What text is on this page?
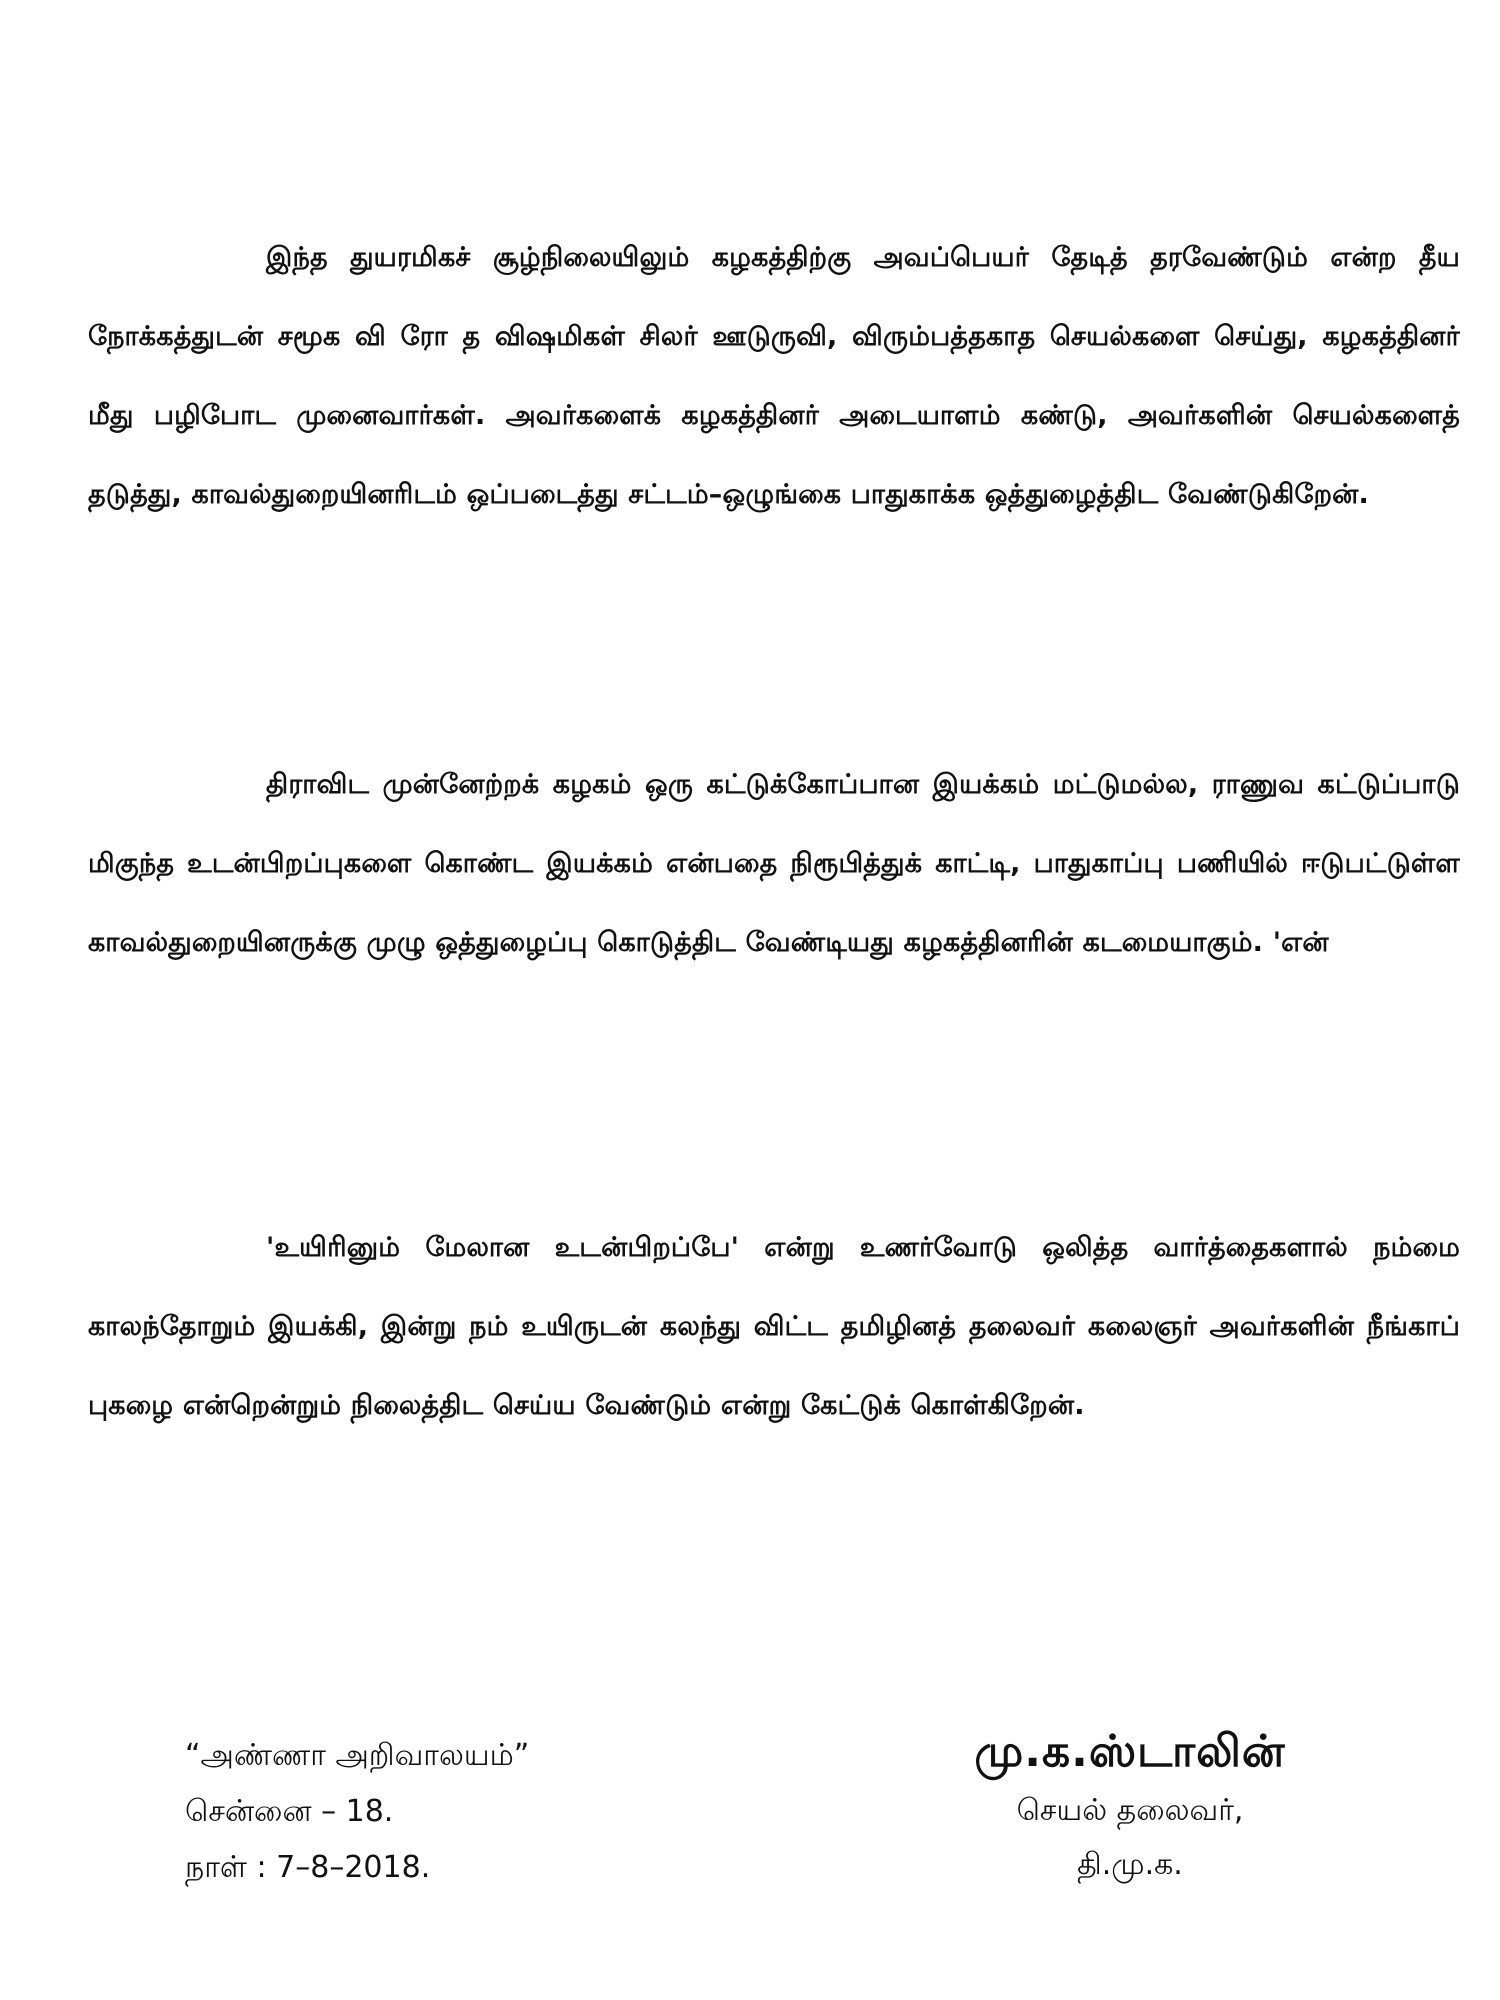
இந்த துயரமிகச் சூழ்நிலையிலும் கழகத்திற்கு அவப்பெயர் தேடித் தரவேண்டும் என்ற தீய நோக்கத்துடன் சமூக வி ரோ த விஷமிகள் சிலர் ஊடுருவி, விரும்பத்தகாத செயல்களை செய்து, கழகத்தினர் மீது பழிபோட முனைவார்கள். அவர்களைக் கழகத்தினர் அடையாளம் கண்டு, அவர்களின் செயல்களைத் தடுத்து, காவல்துறையினரிடம் ஒப்படைத்து சட்டம்–ஒழுங்கை பாதுகாக்க ஒத்துழைத்திட வேண்டுகிறேன்.

திராவிட முன்னேற்றக் கழகம் ஒரு கட்டுக்கோப்பான இயக்கம் மட்டுமல்ல, ராணுவ கட்டுப்பாடு மிகுந்த உடன்பிறப்புகளை கொண்ட இயக்கம் என்பதை நிரூபித்துக் காட்டி, பாதுகாப்பு பணியில் ஈடுபட்டுள்ள காவல்துறையினருக்கு முழு ஒத்துழைப்பு கொடுத்திட வேண்டியது கழகத்தினரின் கடமையாகும். 'என்

'உயிரினும் மேலான உடன்பிறப்பே' என்று உணர்வோடு ஒலித்த வார்த்தைகளால் நம்மை காலந்தோறும் இயக்கி, இன்று நம் உயிருடன் கலந்து விட்ட தமிழினத் தலைவர் கலைஞர் அவர்களின் நீங்காப் புகழை என்றென்றும் நிலைத்திட செய்ய வேண்டும் என்று கேட்டுக் கொள்கிறேன்.

“அண்ணா அறிவாலயம்”
சென்னை – 18.
நாள் : 7–8–2018.
மு.க.ஸ்டாலின்
செயல் தலைவர்,
தி.மு.க.
